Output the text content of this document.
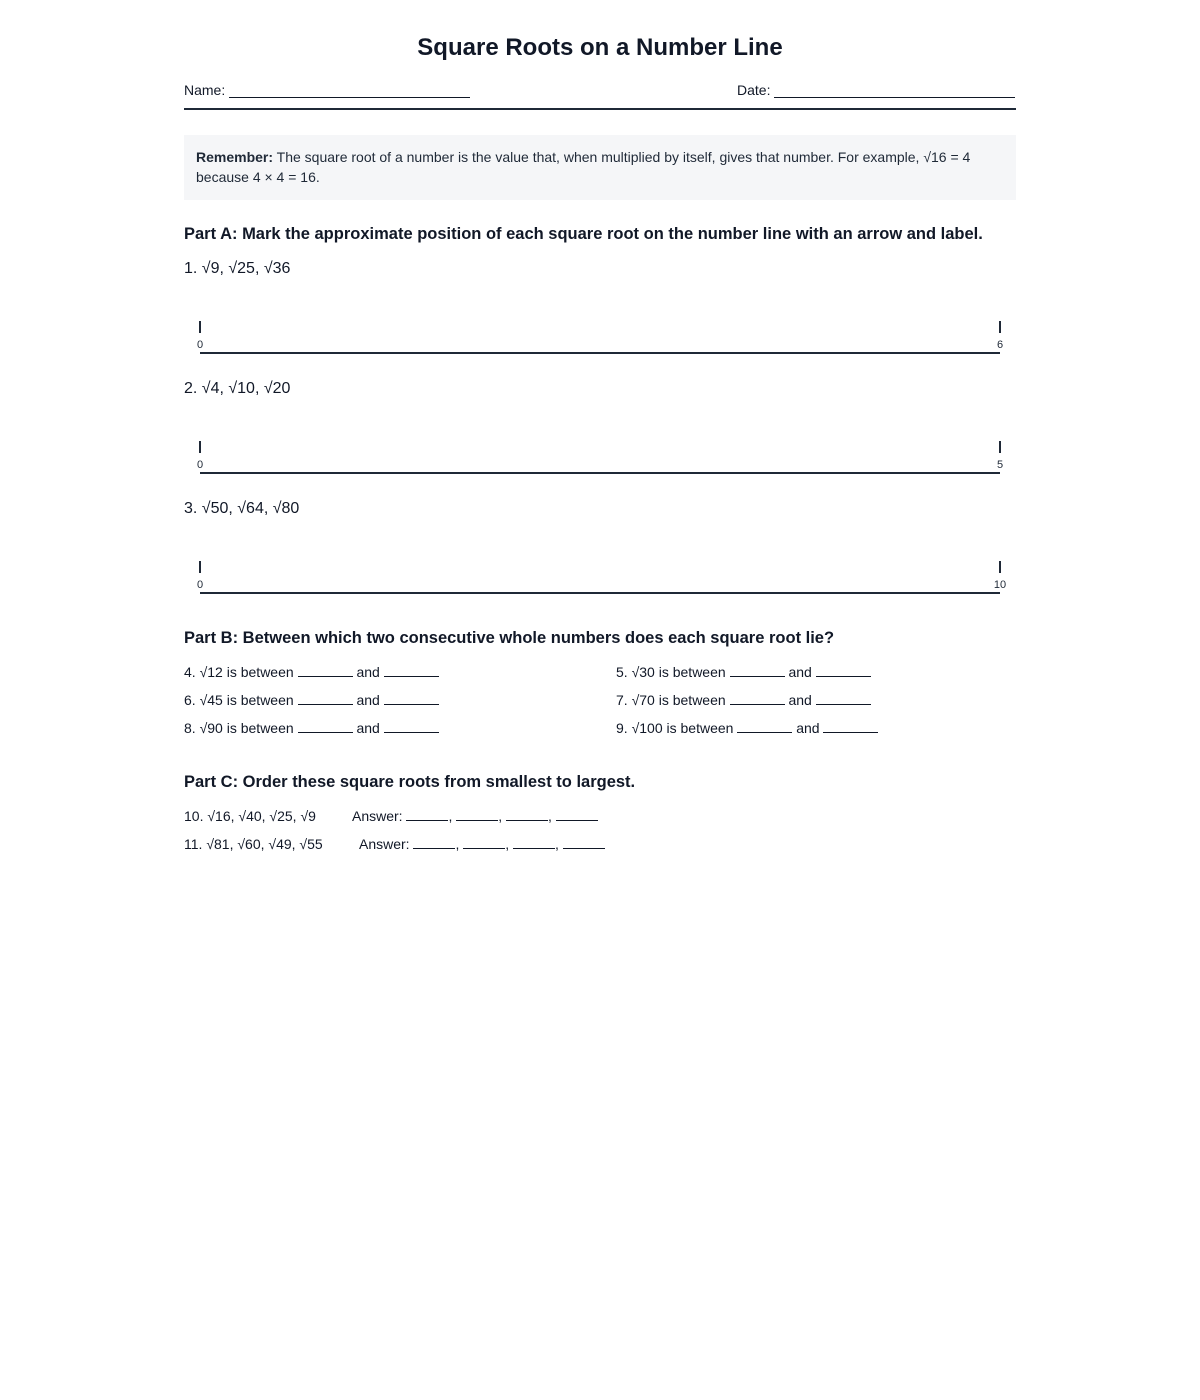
Square Roots on a Number Line
Name:	Date:
Remember: The square root of a number is the value that, when multiplied by itself, gives that number. For example, √16 = 4 because 4 × 4 = 16.
Part A: Mark the approximate position of each square root on the number line with an arrow and label.
1. √9, √25, √36
0	6
2. √4, √10, √20
0	5
3. √50, √64, √80
0	10
Part B: Between which two consecutive whole numbers does each square root lie?
4. √12 is between	and	5. √30 is between	and
6. √45 is between	and	7. √70 is between	and
8. √90 is between	and	9. √100 is between	and
Part C: Order these square roots from smallest to largest.
10. √16, √40, √25, √9	Answer:	,	,	,
11. √81, √60, √49, √55	Answer:	,	,	,
